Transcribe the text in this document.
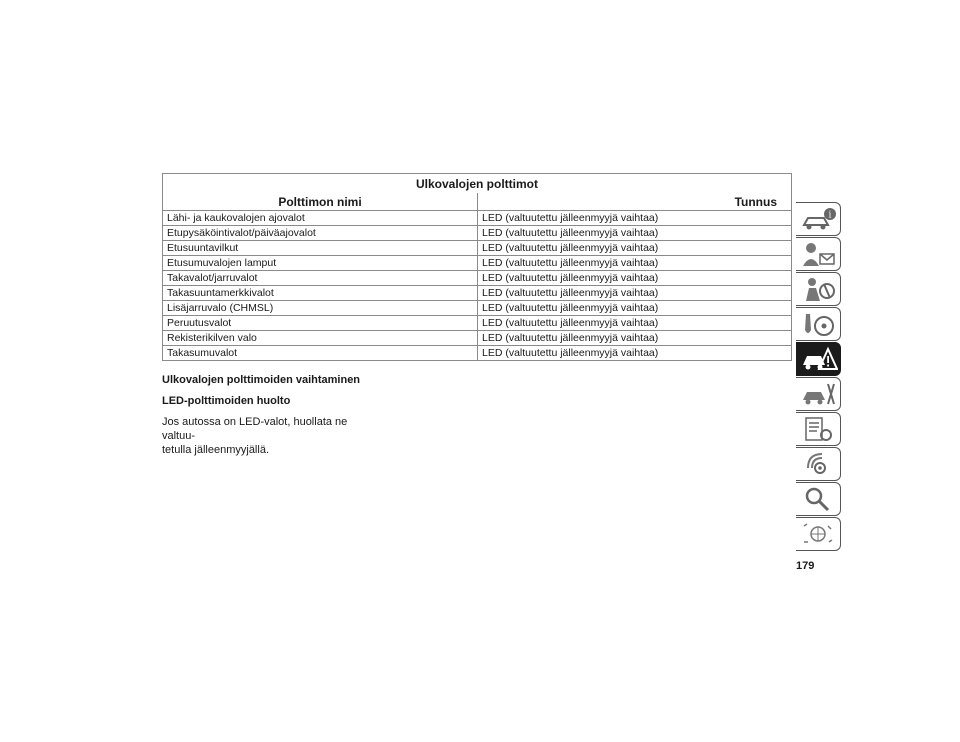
Ulkovalojen polttimot	
Polttimon nimi	Tunnus
Lähi- ja kaukovalojen ajovalot	LED (valtuutettu jälleenmyyjä vaihtaa)
Etupysäköintivalot/päiväajovalot	LED (valtuutettu jälleenmyyjä vaihtaa)
Etusuuntavilkut	LED (valtuutettu jälleenmyyjä vaihtaa)
Etusumuvalojen lamput	LED (valtuutettu jälleenmyyjä vaihtaa)
Takavalot/jarruvalot	LED (valtuutettu jälleenmyyjä vaihtaa)
Takasuuntamerkkivalot	LED (valtuutettu jälleenmyyjä vaihtaa)
Lisäjarruvalo (CHMSL)	LED (valtuutettu jälleenmyyjä vaihtaa)
Peruutusvalot	LED (valtuutettu jälleenmyyjä vaihtaa)
Rekisterikilven valo	LED (valtuutettu jälleenmyyjä vaihtaa)
Takasumuvalot	LED (valtuutettu jälleenmyyjä vaihtaa)
Ulkovalojen polttimoiden vaihtaminen
LED-polttimoiden huolto
Jos autossa on LED-valot, huollata ne valtuu-
tetulla jälleenmyyjällä.
i
179
